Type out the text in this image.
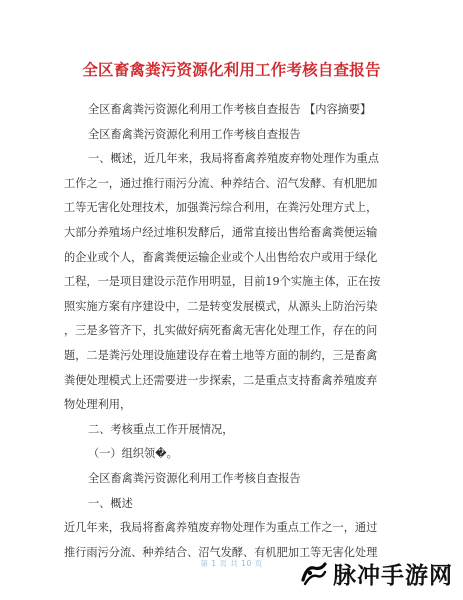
全区畜禽粪污资源化利用工作考核自查报告
全区畜禽粪污资源化利用工作考核自查报告 【内容摘要】
全区畜禽粪污资源化利用工作考核自查报告
一、概述，近几年来，我局将畜禽养殖废弃物处理作为重点
工作之一，通过推行雨污分流、种养结合、沼气发酵、有机肥加
工等无害化处理技术，加强粪污综合利用，在粪污处理方式上，
大部分养殖场户经过堆积发酵后，通常直接出售给畜禽粪便运输
的企业或个人，畜禽粪便运输企业或个人出售给农户或用于绿化
工程，一是项目建设示范作用明显，目前19个实施主体，正在按
照实施方案有序建设中，二是转变发展模式，从源头上防治污染
，三是多管齐下，扎实做好病死畜禽无害化处理工作，存在的问
题，二是粪污处理设施建设存在着土地等方面的制约，三是畜禽
粪便处理模式上还需要进一步探索，二是重点支持畜禽养殖废弃
物处理利用，
二、考核重点工作开展情况，
（一）组织领�。
全区畜禽粪污资源化利用工作考核自查报告
一、概述
近几年来，我局将畜禽养殖废弃物处理作为重点工作之一，通过
推行雨污分流、种养结合、沼气发酵、有机肥加工等无害化处理
第 1 页 共 10 页	脉冲手游网
